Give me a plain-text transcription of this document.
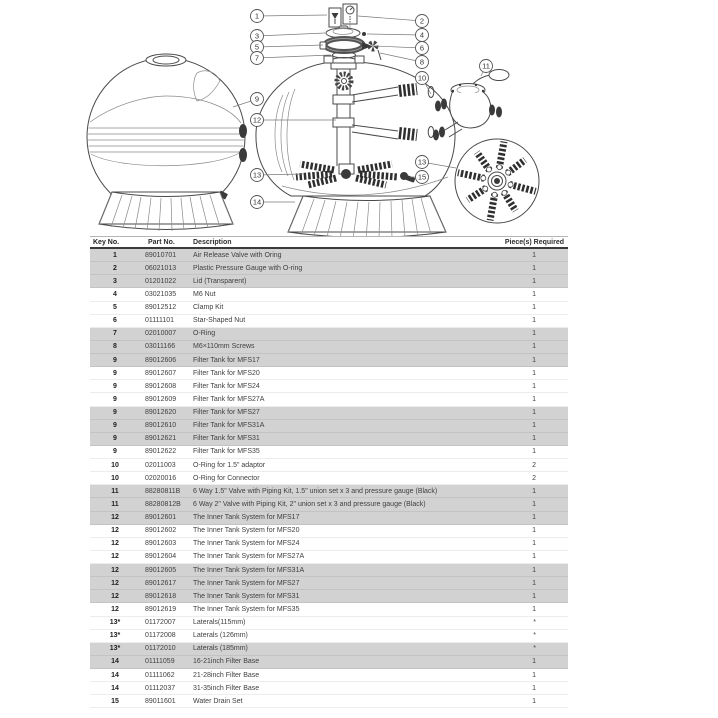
1
2
3	4
5	6
7	8
9
10
11
12
13
14
13
15
Key No.	Part No.	Description	Piece(s) Required
1	89010701	Air Release Valve with Oring	1
2	06021013	Plastic Pressure Gauge with O-ring	1
3	01201022	Lid (Transparent)	1
4	03021035	M6 Nut	1
5	89012512	Clamp Kit	1
6	01111101	Star-Shaped Nut	1
7	02010007	O-Ring	1
8	03011166	M6×110mm Screws	1
9	89012606	Filter Tank for MFS17	1
9	89012607	Filter Tank for MFS20	1
9	89012608	Filter Tank for MFS24	1
9	89012609	Filter Tank for MFS27A	1
9	89012620	Filter Tank for MFS27	1
9	89012610	Filter Tank for MFS31A	1
9	89012621	Filter Tank for MFS31	1
9	89012622	Filter Tank for MFS35	1
10	02011003	O-Ring for 1.5" adaptor	2
10	02020016	O-Ring for Connector	2
11	88280811B	6 Way 1.5" Valve with Piping Kit, 1.5" union set x 3 and pressure gauge (Black)	1
11	88280812B	6 Way 2" Valve with Piping Kit, 2" union set x 3 and pressure gauge (Black)	1
12	89012601	The Inner Tank System for MFS17	1
12	89012602	The Inner Tank System for MFS20	1
12	89012603	The Inner Tank System for MFS24	1
12	89012604	The Inner Tank System for MFS27A	1
12	89012605	The Inner Tank System for MFS31A	1
12	89012617	The Inner Tank System for MFS27	1
12	89012618	The Inner Tank System for MFS31	1
12	89012619	The Inner Tank System for MFS35	1
13*	01172007	Laterals(115mm)	*
13*	01172008	Laterals (126mm)	*
13*	01172010	Laterals (185mm)	*
14	01111059	16-21inch Filter Base	1
14	01111062	21-28inch Filter Base	1
14	01112037	31-35inch Filter Base	1
15	89011601	Water Drain Set	1
